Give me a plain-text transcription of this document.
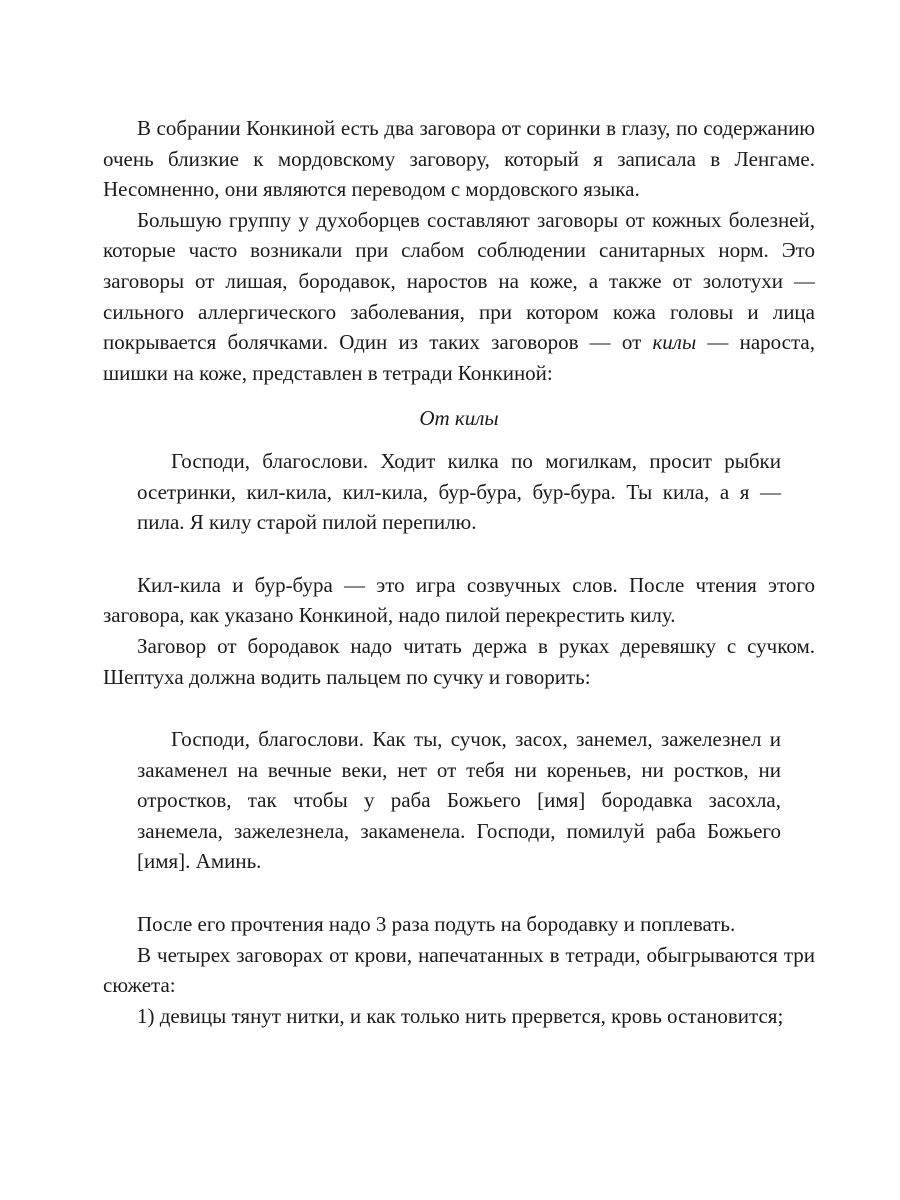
В собрании Конкиной есть два заговора от соринки в глазу, по содержанию очень близкие к мордовскому заговору, который я записала в Ленгаме. Несомненно, они являются переводом с мордовского языка.

Большую группу у духоборцев составляют заговоры от кожных болезней, которые часто возникали при слабом соблюдении санитарных норм. Это заговоры от лишая, бородавок, наростов на коже, а также от золотухи — сильного аллергического заболевания, при котором кожа головы и лица покрывается болячками. Один из таких заговоров — от килы — нароста, шишки на коже, представлен в тетради Конкиной:

От килы

Господи, благослови. Ходит килка по могилкам, просит рыбки осетринки, кил-кила, кил-кила, бур-бура, бур-бура. Ты кила, а я — пила. Я килу старой пилой перепилю.

Кил-кила и бур-бура — это игра созвучных слов. После чтения этого заговора, как указано Конкиной, надо пилой перекрестить килу.

Заговор от бородавок надо читать держа в руках деревяшку с сучком. Шептуха должна водить пальцем по сучку и говорить:

Господи, благослови. Как ты, сучок, засох, занемел, зажелезнел и закаменел на вечные веки, нет от тебя ни кореньев, ни ростков, ни отростков, так чтобы у раба Божьего [имя] бородавка засохла, занемела, зажелезнела, закаменела. Господи, помилуй раба Божьего [имя]. Аминь.

После его прочтения надо 3 раза подуть на бородавку и поплевать.

В четырех заговорах от крови, напечатанных в тетради, обыгрываются три сюжета:

1) девицы тянут нитки, и как только нить прервется, кровь остановится;
